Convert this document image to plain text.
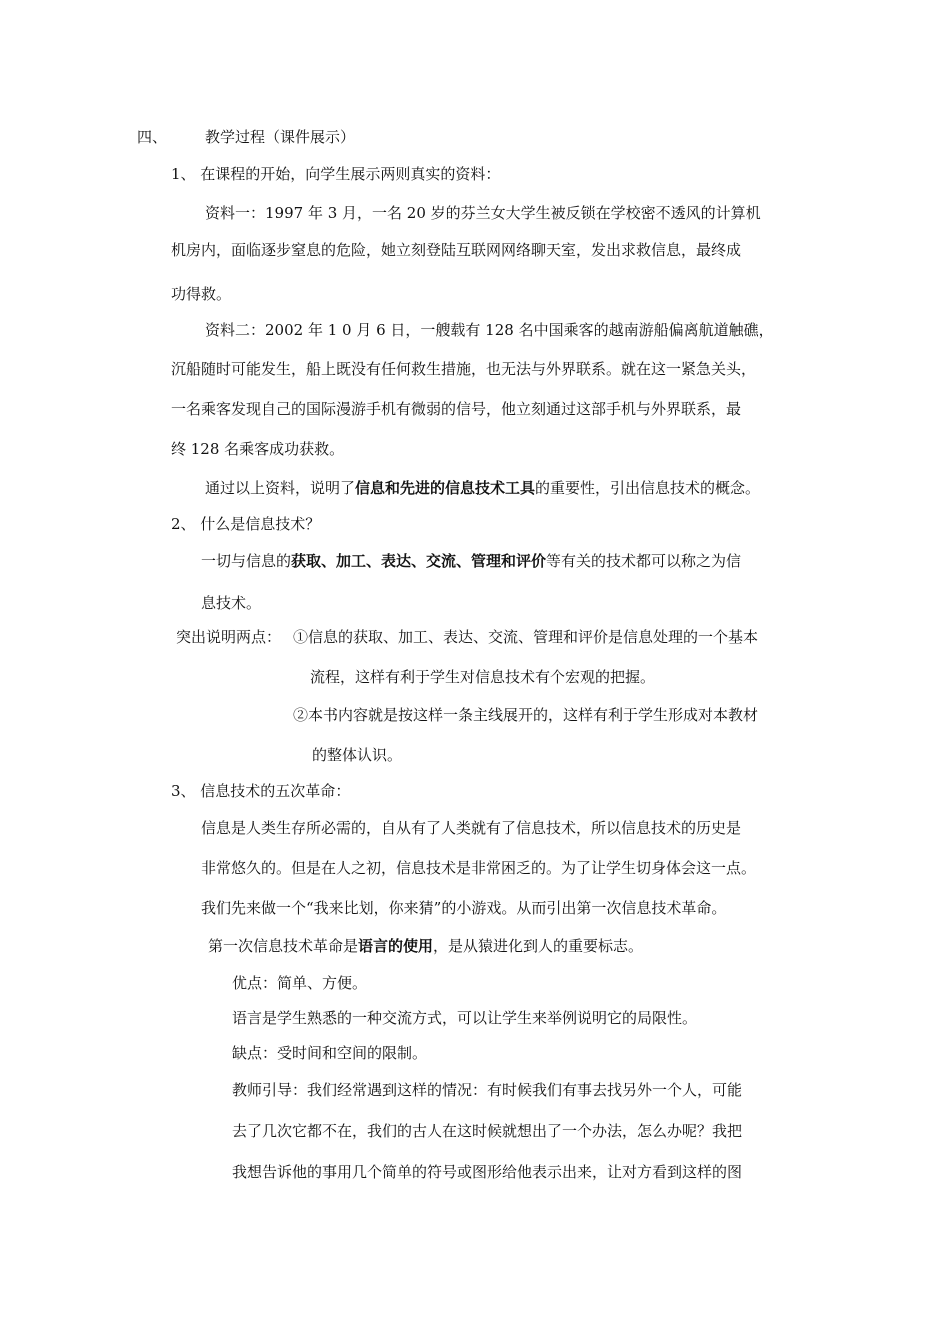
四、	教学过程（课件展示）
1、 在课程的开始，向学生展示两则真实的资料：
资料一：1997 年 3 月，一名 20 岁的芬兰女大学生被反锁在学校密不透风的计算机
机房内，面临逐步窒息的危险，她立刻登陆互联网网络聊天室，发出求救信息，最终成
功得救。
资料二：2002 年 1 0 月 6 日，一艘载有 128 名中国乘客的越南游船偏离航道触礁，
沉船随时可能发生，船上既没有任何救生措施，也无法与外界联系。就在这一紧急关头，
一名乘客发现自己的国际漫游手机有微弱的信号，他立刻通过这部手机与外界联系，最
终 128 名乘客成功获救。
通过以上资料，说明了信息和先进的信息技术工具的重要性，引出信息技术的概念。
2、 什么是信息技术？
一切与信息的获取、加工、表达、交流、管理和评价等有关的技术都可以称之为信
息技术。
突出说明两点： ①信息的获取、加工、表达、交流、管理和评价是信息处理的一个基本
流程，这样有利于学生对信息技术有个宏观的把握。
②本书内容就是按这样一条主线展开的，这样有利于学生形成对本教材
的整体认识。
3、 信息技术的五次革命：
信息是人类生存所必需的，自从有了人类就有了信息技术，所以信息技术的历史是
非常悠久的。但是在人之初，信息技术是非常困乏的。为了让学生切身体会这一点。
我们先来做一个“我来比划，你来猜”的小游戏。从而引出第一次信息技术革命。
第一次信息技术革命是语言的使用，是从猿进化到人的重要标志。
优点：简单、方便。
语言是学生熟悉的一种交流方式，可以让学生来举例说明它的局限性。
缺点：受时间和空间的限制。
教师引导：我们经常遇到这样的情况：有时候我们有事去找另外一个人，可能
去了几次它都不在，我们的古人在这时候就想出了一个办法，怎么办呢？我把
我想告诉他的事用几个简单的符号或图形给他表示出来，让对方看到这样的图
